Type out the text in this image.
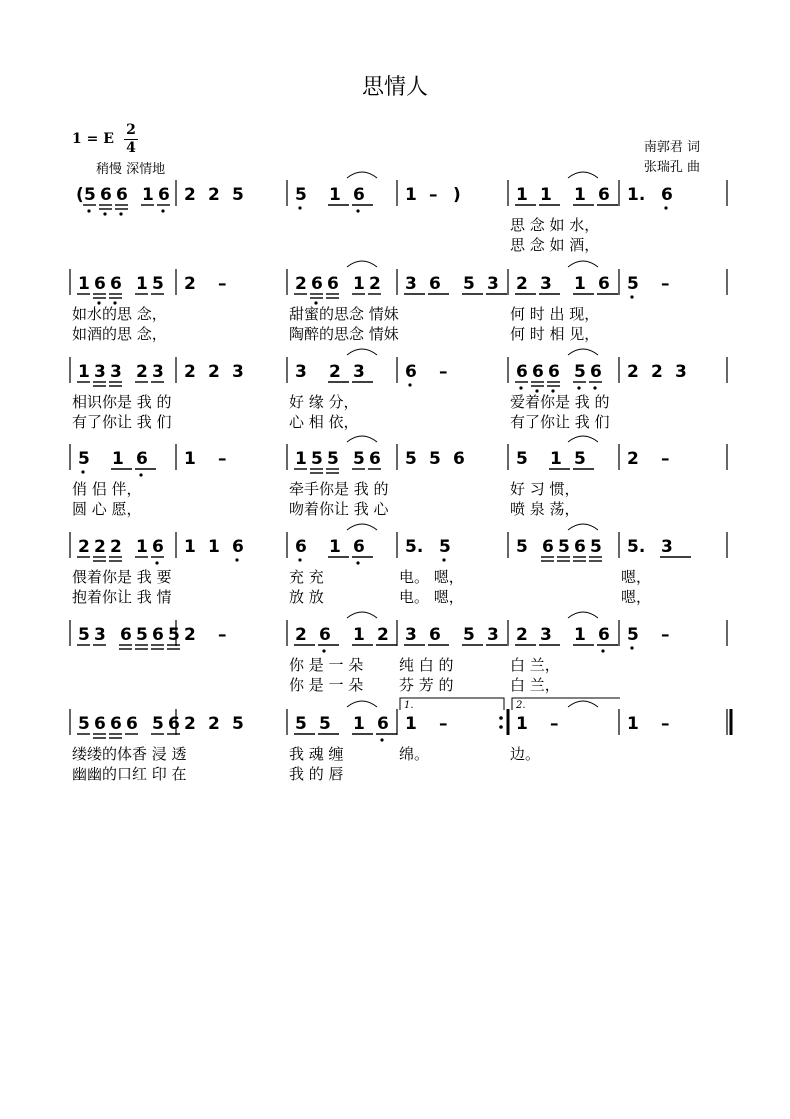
思情人
1 = E
2
4
稍慢 深情地
南郭君 词
张瑞孔 曲
( 5 6 6 1 6 2 2 5	5 1 6 1 – )	1 1 1 6 1. 6
思 念 如 水，
思 念 如 酒，
1 6 6 1 5 2 –	2 6 6 1 2 3 6 5 3 2 3 1 6 5 –
如水的思 念，	甜蜜的思念 情妹	何 时 出 现，
如酒的思 念，	陶醉的思念 情妹	何 时 相 见，
1 3 3 2 3 2 2 3	3 2 3 6 –	6 6 6 5 6 2 2 3
相识你是 我 的	好 缘 分，	爱着你是 我 的
有了你让 我 们	心 相 依，	有了你让 我 们
5 1 6 1 –	1 5 5 5 6 5 5 6	5 1 5 2 –
俏 侣 伴，	牵手你是 我 的	好 习 惯，
圆 心 愿，	吻着你让 我 心	喷 泉 荡，
2 2 2 1 6 1 1 6	6 1 6 5. 5	5 6 5 6 5 5. 3
偎着你是 我 要	充 充	电。 嗯，	嗯，
抱着你让 我 情	放 放	电。 嗯，	嗯，
5 3 6 5 6 5 2 –	2 6 1 2 3 6 5 3 2 3 1 6 5 –
你 是 一 朵 纯 白 的	白 兰，
你 是 一 朵 芬 芳 的	白 兰，
5 6 6 6 5 6 2 2 5	5 5 1 6 1 –	1 –	1 –
缕缕的体香 浸 透	我 魂 缠	绵。	边。
幽幽的口红 印 在	我 的 唇
1.	2.
